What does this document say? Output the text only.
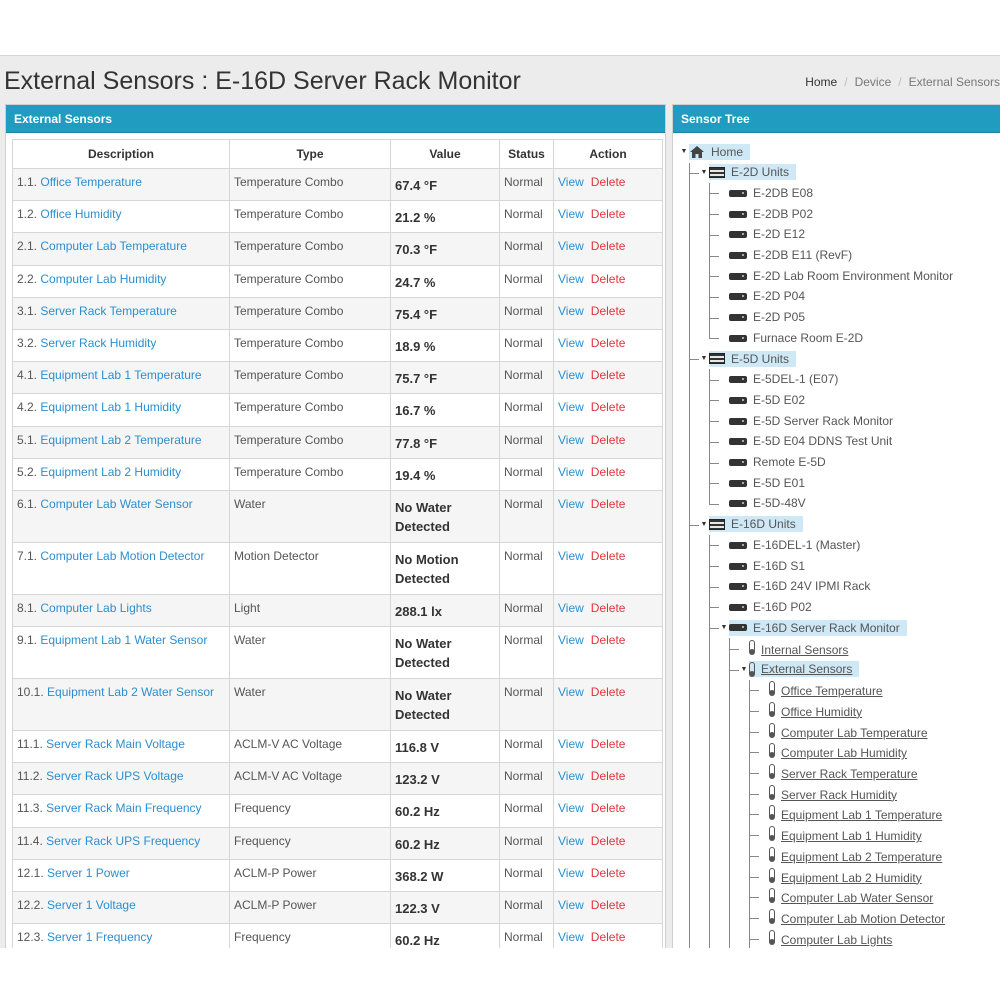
External Sensors : E-16D Server Rack Monitor	Home / Device / External Sensors
External Sensors
Description	Type	Value	Status	Action
1.1. Office Temperature	Temperature Combo	67.4 °F	Normal	View Delete
1.2. Office Humidity	Temperature Combo	21.2 %	Normal	View Delete
2.1. Computer Lab Temperature	Temperature Combo	70.3 °F	Normal	View Delete
2.2. Computer Lab Humidity	Temperature Combo	24.7 %	Normal	View Delete
3.1. Server Rack Temperature	Temperature Combo	75.4 °F	Normal	View Delete
3.2. Server Rack Humidity	Temperature Combo	18.9 %	Normal	View Delete
4.1. Equipment Lab 1 Temperature	Temperature Combo	75.7 °F	Normal	View Delete
4.2. Equipment Lab 1 Humidity	Temperature Combo	16.7 %	Normal	View Delete
5.1. Equipment Lab 2 Temperature	Temperature Combo	77.8 °F	Normal	View Delete
5.2. Equipment Lab 2 Humidity	Temperature Combo	19.4 %	Normal	View Delete
6.1. Computer Lab Water Sensor	Water	No Water Detected	Normal	View Delete
7.1. Computer Lab Motion Detector	Motion Detector	No Motion Detected	Normal	View Delete
8.1. Computer Lab Lights	Light	288.1 lx	Normal	View Delete
9.1. Equipment Lab 1 Water Sensor	Water	No Water Detected	Normal	View Delete
10.1. Equipment Lab 2 Water Sensor	Water	No Water Detected	Normal	View Delete
11.1. Server Rack Main Voltage	ACLM-V AC Voltage	116.8 V	Normal	View Delete
11.2. Server Rack UPS Voltage	ACLM-V AC Voltage	123.2 V	Normal	View Delete
11.3. Server Rack Main Frequency	Frequency	60.2 Hz	Normal	View Delete
11.4. Server Rack UPS Frequency	Frequency	60.2 Hz	Normal	View Delete
12.1. Server 1 Power	ACLM-P Power	368.2 W	Normal	View Delete
12.2. Server 1 Voltage	ACLM-P Power	122.3 V	Normal	View Delete
12.3. Server 1 Frequency	Frequency	60.2 Hz	Normal	View Delete
Sensor Tree
▼ Home
▼ E-2D Units
E-2DB E08
E-2DB P02
E-2D E12
E-2DB E11 (RevF)
E-2D Lab Room Environment Monitor
E-2D P04
E-2D P05
Furnace Room E-2D
▼ E-5D Units
E-5DEL-1 (E07)
E-5D E02
E-5D Server Rack Monitor
E-5D E04 DDNS Test Unit
Remote E-5D
E-5D E01
E-5D-48V
▼ E-16D Units
E-16DEL-1 (Master)
E-16D S1
E-16D 24V IPMI Rack
E-16D P02
▼ E-16D Server Rack Monitor
Internal Sensors
▼ External Sensors
Office Temperature
Office Humidity
Computer Lab Temperature
Computer Lab Humidity
Server Rack Temperature
Server Rack Humidity
Equipment Lab 1 Temperature
Equipment Lab 1 Humidity
Equipment Lab 2 Temperature
Equipment Lab 2 Humidity
Computer Lab Water Sensor
Computer Lab Motion Detector
Computer Lab Lights
